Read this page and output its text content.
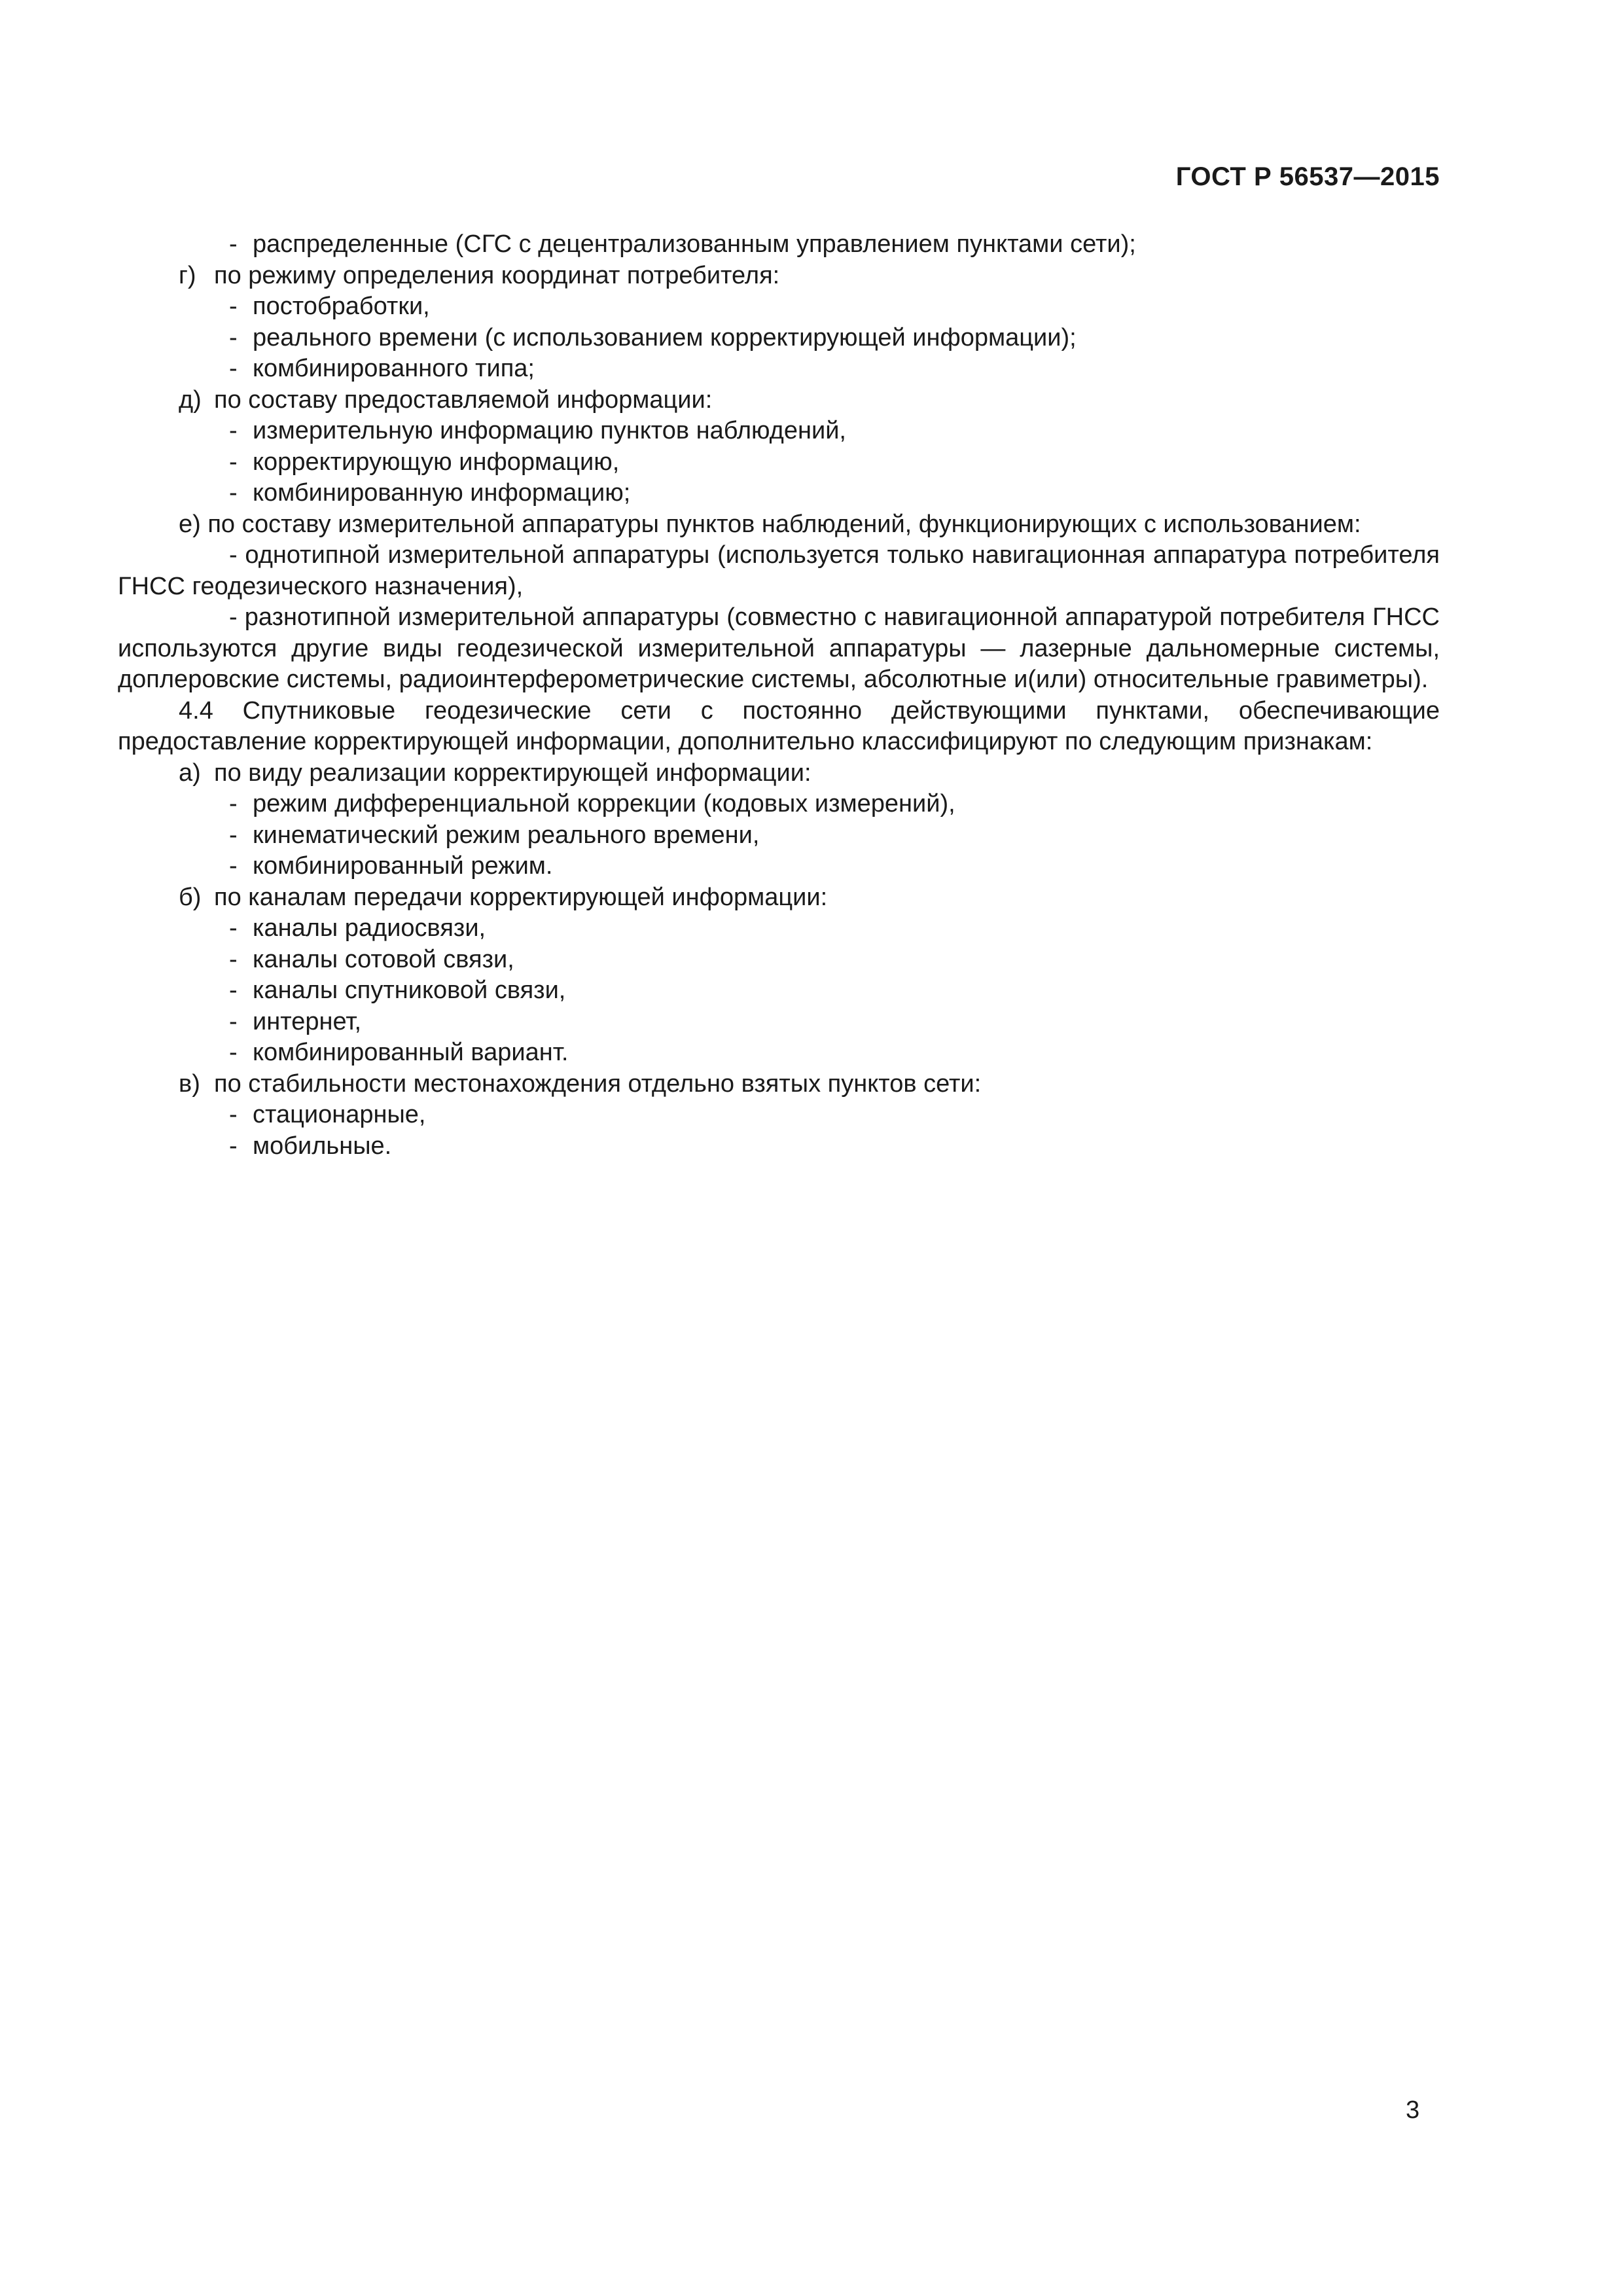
ГОСТ Р 56537—2015
- распределенные (СГС с децентрализованным управлением пунктами сети);
г) по режиму определения координат потребителя:
- постобработки,
- реального времени (с использованием корректирующей информации);
- комбинированного типа;
д) по составу предоставляемой информации:
- измерительную информацию пунктов наблюдений,
- корректирующую информацию,
- комбинированную информацию;
е) по составу измерительной аппаратуры пунктов наблюдений, функционирующих с использованием:
- однотипной измерительной аппаратуры (используется только навигационная аппаратура потребителя ГНСС геодезического назначения),
- разнотипной измерительной аппаратуры (совместно с навигационной аппаратурой потребителя ГНСС используются другие виды геодезической измерительной аппаратуры — лазерные дальномерные системы, доплеровские системы, радиоинтерферометрические системы, абсолютные и(или) относительные гравиметры).
4.4 Спутниковые геодезические сети с постоянно действующими пунктами, обеспечивающие предоставление корректирующей информации, дополнительно классифицируют по следующим признакам:
а) по виду реализации корректирующей информации:
- режим дифференциальной коррекции (кодовых измерений),
- кинематический режим реального времени,
- комбинированный режим.
б) по каналам передачи корректирующей информации:
- каналы радиосвязи,
- каналы сотовой связи,
- каналы спутниковой связи,
- интернет,
- комбинированный вариант.
в) по стабильности местонахождения отдельно взятых пунктов сети:
- стационарные,
- мобильные.
3
